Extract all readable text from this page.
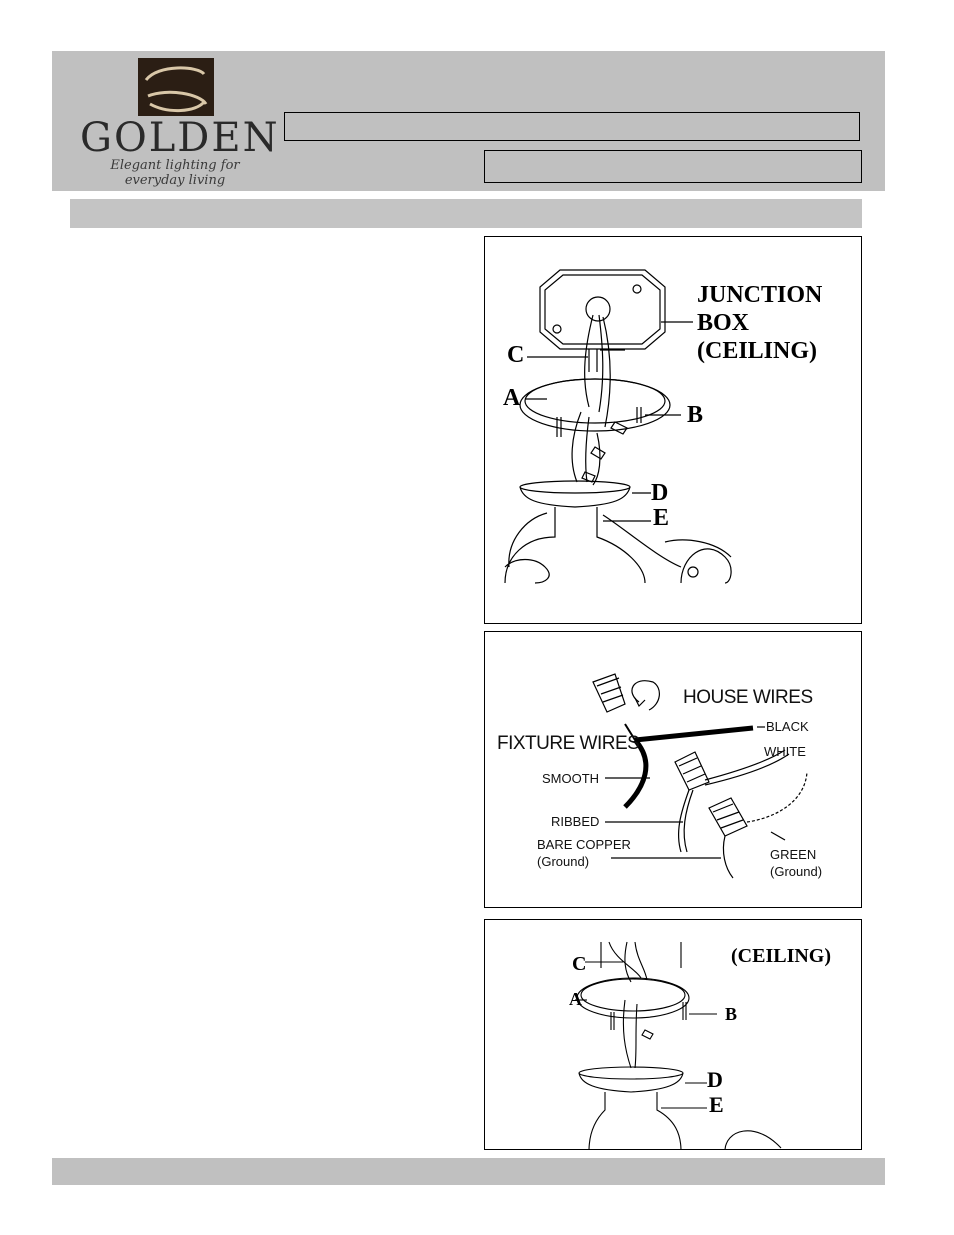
GOLDEN
Elegant lighting for everyday living
JUNCTION
BOX
(CEILING)
C
A
B
D
E
HOUSE WIRES
FIXTURE WIRES
BLACK
WHITE
SMOOTH
RIBBED
BARE COPPER
(Ground)	GREEN
(Ground)
(CEILING)
C
A
B
D
E
